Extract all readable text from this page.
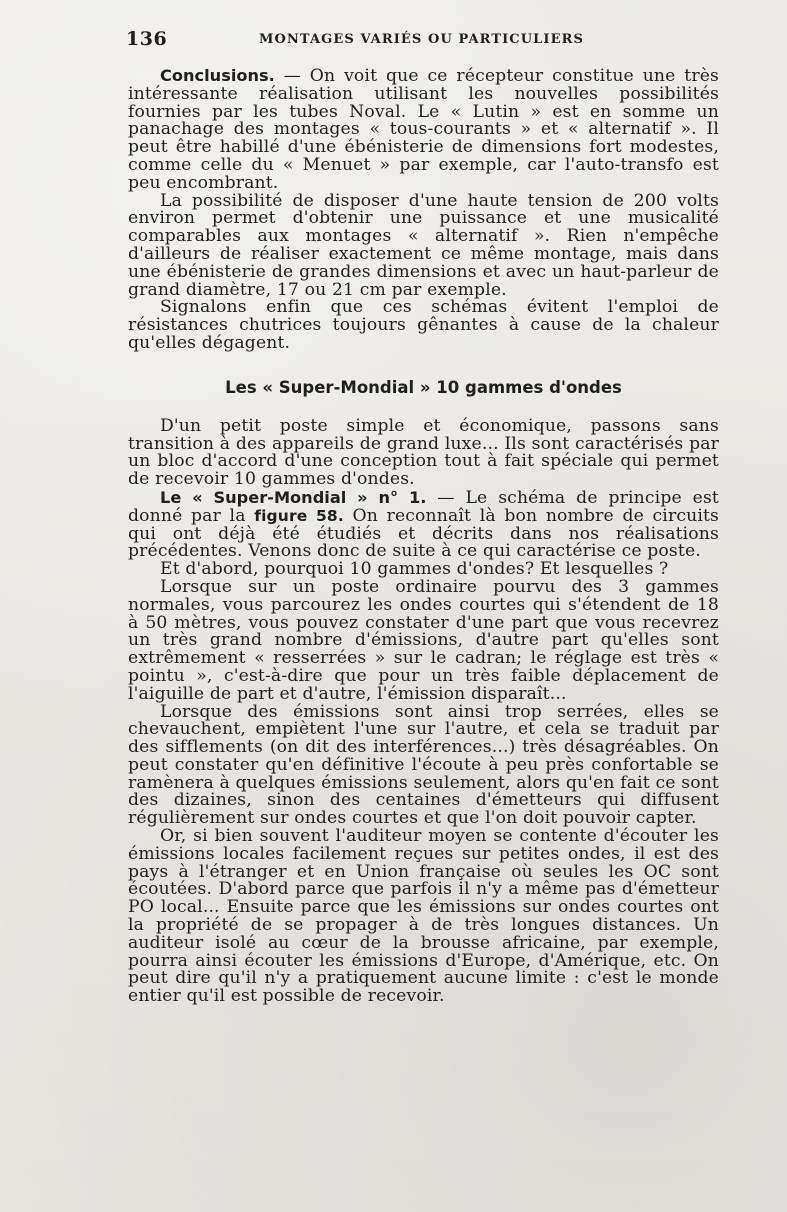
136	MONTAGES VARIÉS OU PARTICULIERS

Conclusions. — On voit que ce récepteur constitue une très intéressante réalisation utilisant les nouvelles possibilités fournies par les tubes Noval. Le « Lutin » est en somme un panachage des montages « tous-courants » et « alternatif ». Il peut être habillé d'une ébénisterie de dimensions fort modestes, comme celle du « Menuet » par exemple, car l'auto-transfo est peu encombrant.

La possibilité de disposer d'une haute tension de 200 volts environ permet d'obtenir une puissance et une musicalité comparables aux montages « alternatif ». Rien n'empêche d'ailleurs de réaliser exactement ce même montage, mais dans une ébénisterie de grandes dimensions et avec un haut-parleur de grand diamètre, 17 ou 21 cm par exemple.

Signalons enfin que ces schémas évitent l'emploi de résistances chutrices toujours gênantes à cause de la chaleur qu'elles dégagent.

Les « Super-Mondial » 10 gammes d'ondes

D'un petit poste simple et économique, passons sans transition à des appareils de grand luxe... Ils sont caractérisés par un bloc d'accord d'une conception tout à fait spéciale qui permet de recevoir 10 gammes d'ondes.

Le « Super-Mondial » n° 1. — Le schéma de principe est donné par la figure 58. On reconnaît là bon nombre de circuits qui ont déjà été étudiés et décrits dans nos réalisations précédentes. Venons donc de suite à ce qui caractérise ce poste.

Et d'abord, pourquoi 10 gammes d'ondes? Et lesquelles ?

Lorsque sur un poste ordinaire pourvu des 3 gammes normales, vous parcourez les ondes courtes qui s'étendent de 18 à 50 mètres, vous pouvez constater d'une part que vous recevrez un très grand nombre d'émissions, d'autre part qu'elles sont extrêmement « resserrées » sur le cadran; le réglage est très « pointu », c'est-à-dire que pour un très faible déplacement de l'aiguille de part et d'autre, l'émission disparaît...

Lorsque des émissions sont ainsi trop serrées, elles se chevauchent, empiètent l'une sur l'autre, et cela se traduit par des sifflements (on dit des interférences...) très désagréables. On peut constater qu'en définitive l'écoute à peu près confortable se ramènera à quelques émissions seulement, alors qu'en fait ce sont des dizaines, sinon des centaines d'émetteurs qui diffusent régulièrement sur ondes courtes et que l'on doit pouvoir capter.

Or, si bien souvent l'auditeur moyen se contente d'écouter les émissions locales facilement reçues sur petites ondes, il est des pays à l'étranger et en Union française où seules les OC sont écoutées. D'abord parce que parfois il n'y a même pas d'émetteur PO local... Ensuite parce que les émissions sur ondes courtes ont la propriété de se propager à de très longues distances. Un auditeur isolé au cœur de la brousse africaine, par exemple, pourra ainsi écouter les émissions d'Europe, d'Amérique, etc. On peut dire qu'il n'y a pratiquement aucune limite : c'est le monde entier qu'il est possible de recevoir.
